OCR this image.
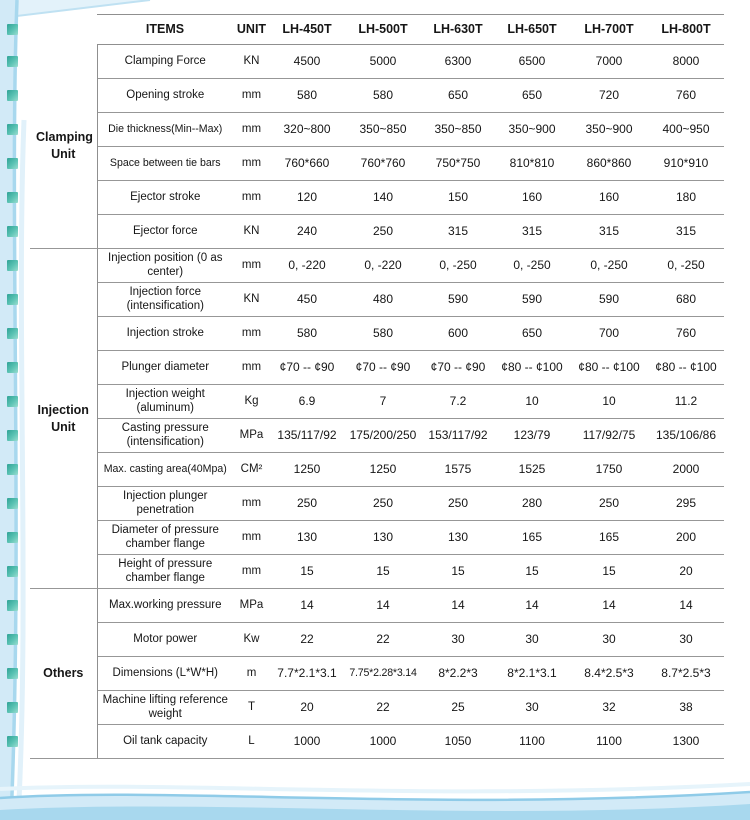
	ITEMS	UNIT	LH-450T	LH-500T	LH-630T	LH-650T	LH-700T	LH-800T
Clamping Unit	Clamping Force	KN	4500	5000	6300	6500	7000	8000
	Opening stroke	mm	580	580	650	650	720	760
	Die thickness(Min--Max)	mm	320~800	350~850	350~850	350~900	350~900	400~950
	Space between tie bars	mm	760*660	760*760	750*750	810*810	860*860	910*910
	Ejector stroke	mm	120	140	150	160	160	180
	Ejector force	KN	240	250	315	315	315	315
Injection Unit	Injection position (0 as center)	mm	0, -220	0, -220	0, -250	0, -250	0, -250	0, -250
	Injection force (intensification)	KN	450	480	590	590	590	680
	Injection stroke	mm	580	580	600	650	700	760
	Plunger diameter	mm	¢70 -- ¢90	¢70 -- ¢90	¢70 -- ¢90	¢80 -- ¢100	¢80 -- ¢100	¢80 -- ¢100
	Injection weight (aluminum)	Kg	6.9	7	7.2	10	10	11.2
	Casting pressure (intensification)	MPa	135/117/92	175/200/250	153/117/92	123/79	117/92/75	135/106/86
	Max. casting area(40Mpa)	CM²	1250	1250	1575	1525	1750	2000
	Injection plunger penetration	mm	250	250	250	280	250	295
	Diameter of pressure chamber flange	mm	130	130	130	165	165	200
	Height of pressure chamber flange	mm	15	15	15	15	15	20
Others	Max.working pressure	MPa	14	14	14	14	14	14
	Motor power	Kw	22	22	30	30	30	30
	Dimensions (L*W*H)	m	7.7*2.1*3.1	7.75*2.28*3.14	8*2.2*3	8*2.1*3.1	8.4*2.5*3	8.7*2.5*3
	Machine lifting reference weight	T	20	22	25	30	32	38
	Oil tank capacity	L	1000	1000	1050	1100	1100	1300
